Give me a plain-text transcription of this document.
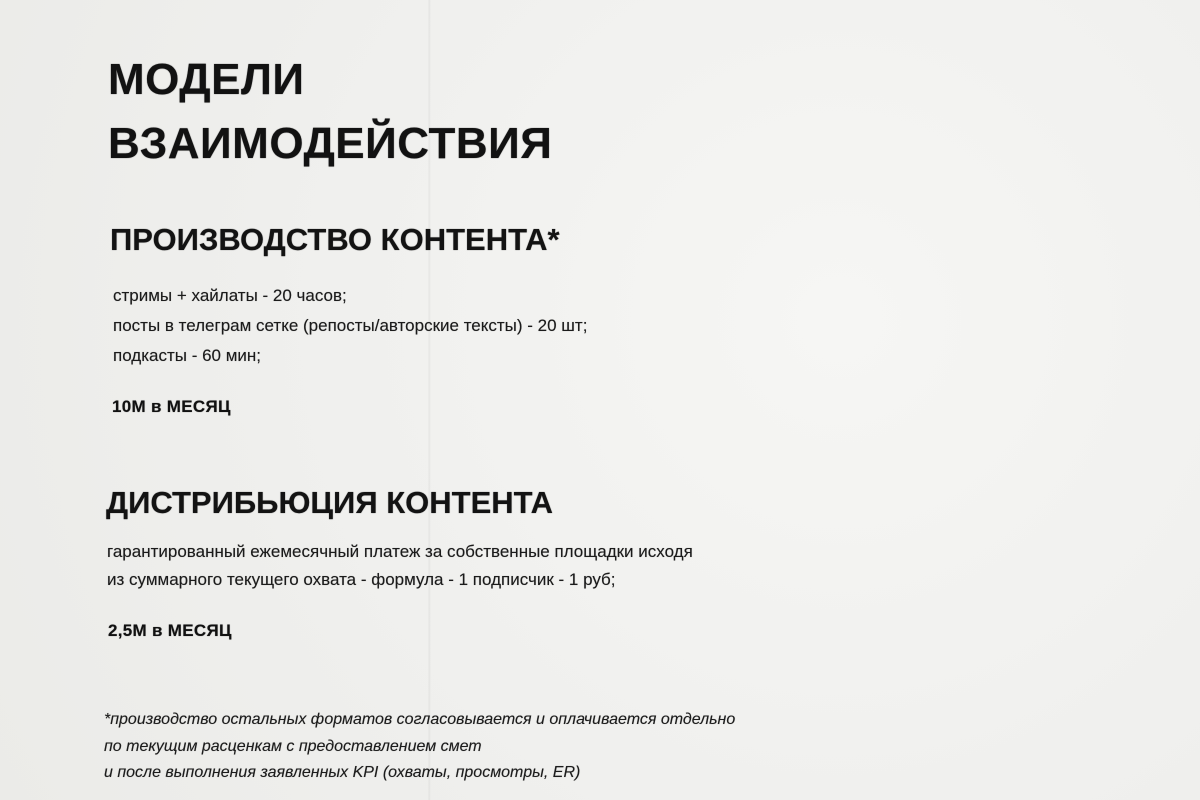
МОДЕЛИ
ВЗАИМОДЕЙСТВИЯ
ПРОИЗВОДСТВО КОНТЕНТА*
стримы + хайлаты - 20 часов;
посты в телеграм сетке (репосты/авторские тексты) - 20 шт;
подкасты - 60 мин;
10М в МЕСЯЦ
ДИСТРИБЬЮЦИЯ КОНТЕНТА
гарантированный ежемесячный платеж за собственные площадки исходя
из суммарного текущего охвата - формула - 1 подписчик - 1 руб;
2,5М в МЕСЯЦ
*производство остальных форматов согласовывается и оплачивается отдельно
по текущим расценкам с предоставлением смет
и после выполнения заявленных KPI (охваты, просмотры, ER)
